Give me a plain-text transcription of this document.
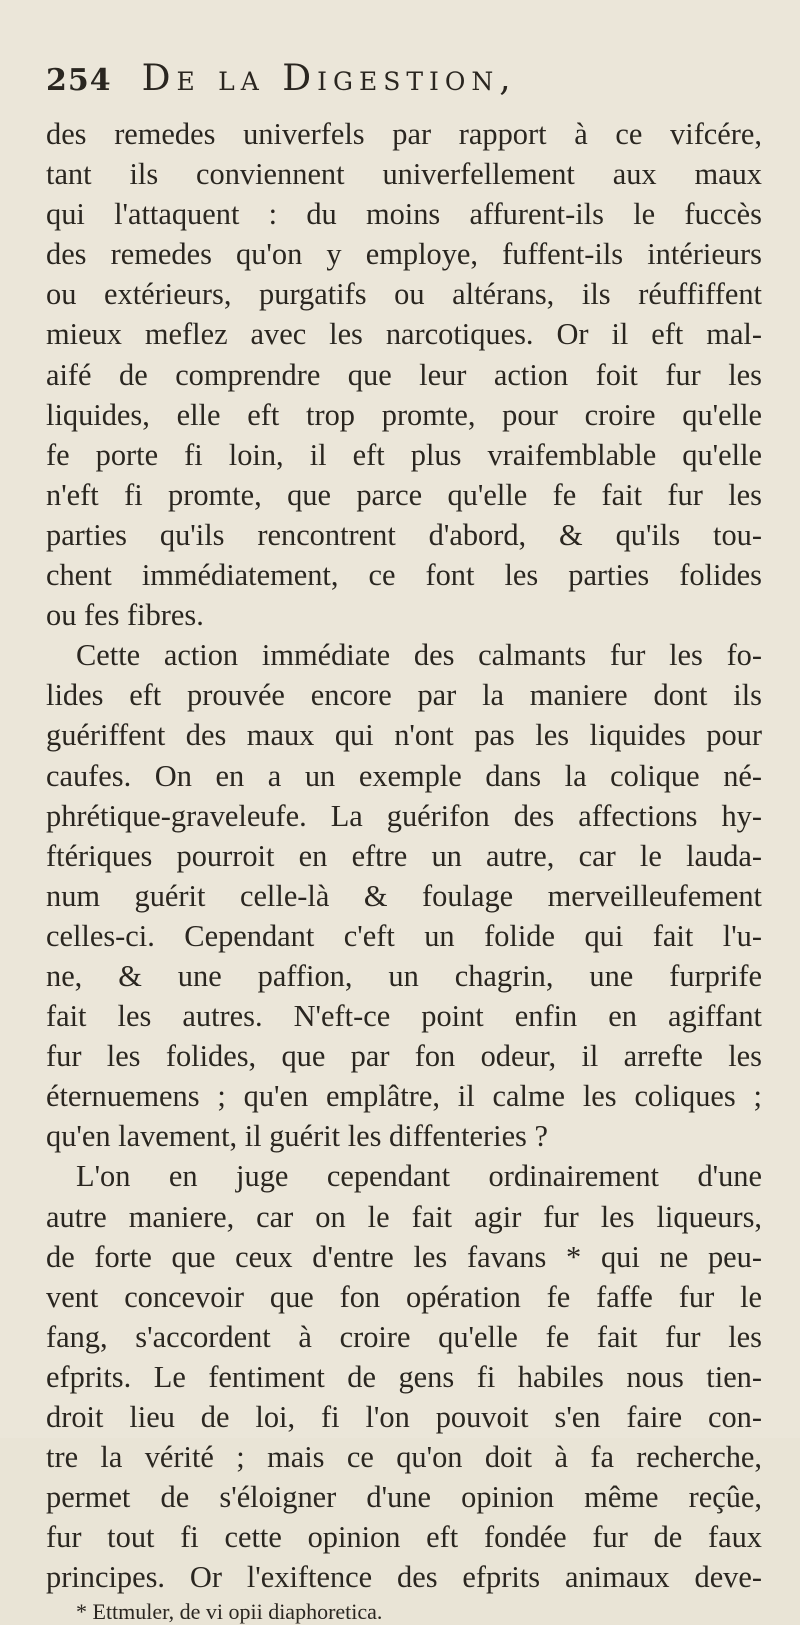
254 De la Digestion,
des remedes univerfels par rapport à ce vifcére,
tant ils conviennent univerfellement aux maux
qui l'attaquent : du moins affurent-ils le fuccès
des remedes qu'on y employe, fuffent-ils intérieurs
ou extérieurs, purgatifs ou altérans, ils réuffiffent
mieux meflez avec les narcotiques. Or il eft mal-
aifé de comprendre que leur action foit fur les
liquides, elle eft trop promte, pour croire qu'elle
fe porte fi loin, il eft plus vraifemblable qu'elle
n'eft fi promte, que parce qu'elle fe fait fur les
parties qu'ils rencontrent d'abord, & qu'ils tou-
chent immédiatement, ce font les parties folides
ou fes fibres.
Cette action immédiate des calmants fur les fo-
lides eft prouvée encore par la maniere dont ils
guériffent des maux qui n'ont pas les liquides pour
caufes. On en a un exemple dans la colique né-
phrétique-graveleufe. La guérifon des affections hy-
ftériques pourroit en eftre un autre, car le lauda-
num guérit celle-là & foulage merveilleufement
celles-ci. Cependant c'eft un folide qui fait l'u-
ne, & une paffion, un chagrin, une furprife
fait les autres. N'eft-ce point enfin en agiffant
fur les folides, que par fon odeur, il arrefte les
éternuemens ; qu'en emplâtre, il calme les coliques ;
qu'en lavement, il guérit les diffenteries ?
L'on en juge cependant ordinairement d'une
autre maniere, car on le fait agir fur les liqueurs,
de forte que ceux d'entre les favans * qui ne peu-
vent concevoir que fon opération fe faffe fur le
fang, s'accordent à croire qu'elle fe fait fur les
efprits. Le fentiment de gens fi habiles nous tien-
droit lieu de loi, fi l'on pouvoit s'en faire con-
tre la vérité ; mais ce qu'on doit à fa recherche,
permet de s'éloigner d'une opinion même reçûe,
fur tout fi cette opinion eft fondée fur de faux
principes. Or l'exiftence des efprits animaux deve-
* Ettmuler, de vi opii diaphoretica.
